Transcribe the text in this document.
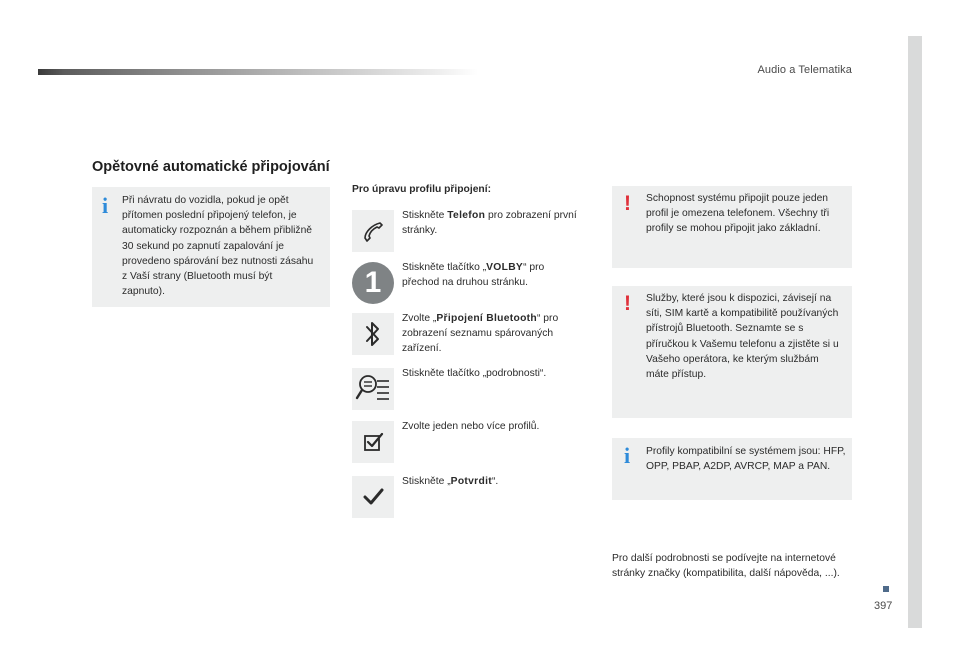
Audio a Telematika
397
Opětovné automatické připojování
i Při návratu do vozidla, pokud je opět přítomen poslední připojený telefon, je automaticky rozpoznán a během přibližně 30 sekund po zapnutí zapalování je provedeno spárování bez nutnosti zásahu z Vaší strany (Bluetooth musí být zapnuto).
Pro úpravu profilu připojení:
Stiskněte Telefon pro zobrazení první stránky.
1 Stiskněte tlačítko „VOLBY“ pro přechod na druhou stránku.
Zvolte „Připojení Bluetooth“ pro zobrazení seznamu spárovaných zařízení.
Stiskněte tlačítko „podrobnosti“.
Zvolte jeden nebo více profilů.
Stiskněte „Potvrdit“.
! Schopnost systému připojit pouze jeden profil je omezena telefonem. Všechny tři profily se mohou připojit jako základní.
! Služby, které jsou k dispozici, závisejí na síti, SIM kartě a kompatibilitě používaných přístrojů Bluetooth. Seznamte se s příručkou k Vašemu telefonu a zjistěte si u Vašeho operátora, ke kterým službám máte přístup.
i Profily kompatibilní se systémem jsou: HFP, OPP, PBAP, A2DP, AVRCP, MAP a PAN.
Pro další podrobnosti se podívejte na internetové stránky značky (kompatibilita, další nápověda, ...).
